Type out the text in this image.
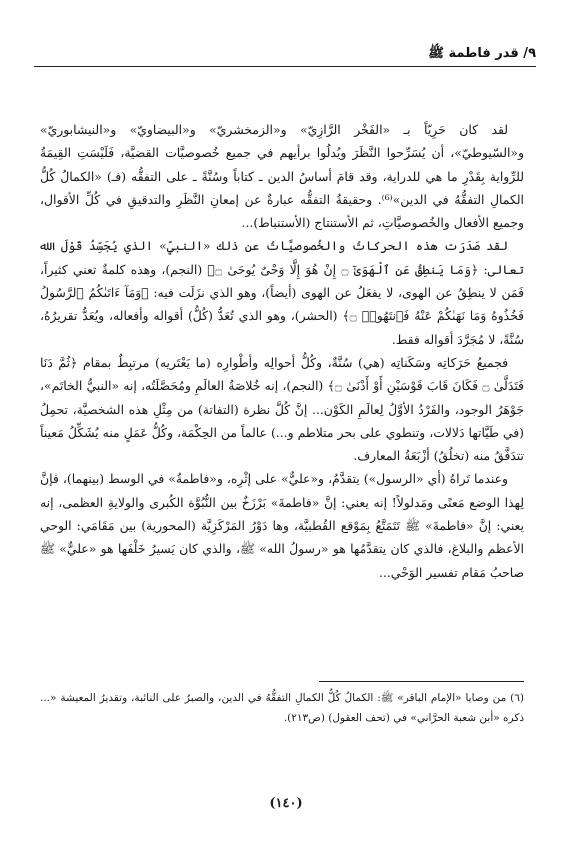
٩/ قدر فاطمة ﷺ

لقد كان حَرِيّاً بـ «الفَخْر الرَّازِيّ» و«الزمخشريّ» و«البيضاويّ» و«النيشابوريّ» و«السّيوطيّ»، أن يُسَرِّحوا النَّظَرَ ويُدلُوا برأيهم في جميع خُصوصيَّات القضيَّة، فَلَيْسَتِ القِيمَةُ للرِّواية بِقَدْرِ ما هي للدراية، وقد قامَ أساسُ الدين ـ كتاباً وسُنَّةً ـ على التفقُّه (فـ) «الكمالُ كُلُّ الكمالِ التفقُّهُ في الدين»⁽⁶⁾. وحقيقةُ التفقُّه عبارةٌ عن إمعانِ النَّظَرِ والتدقيقِ في كُلِّ الأقوال، وجميع الأفعال والخُصوصيَّاتِ، ثم الأستنتاج (الأستنباط)...

لقد صَدَرَت هذه الحركاتُ والخُصوصيَّاتُ عن ذلك «النبيِّ» الذي يُجَسِّدُ قَوْلَ الله تعالى: ﴿وَمَا يَنطِقُ عَنِ ٱلْهَوَىٰٓ ۝ إِنْ هُوَ إِلَّا وَحْىٌ يُوحَىٰ ۝﴾ (النجم)، وهذه كلمةٌ تعني كثيراً، فَمَن لا ينطِقُ عن الهوى، لا يفعَلُ عن الهوى (أيضاً)، وهو الذي نزَلَت فيه: ﴿وَمَآ ءَاتَىٰكُمُ ٱلرَّسُولُ فَخُذُوهُ وَمَا نَهَىٰكُمْ عَنْهُ فَٱنتَهُوا۟ ۝﴾ (الحشر)، وهو الذي تُعَدُّ (كُلُّ) أقواله وأفعاله، ويُعَدُّ تقريرُهُ، سُنَّةً، لا مُجَرَّدَ أقواله فقط.

فجميعُ حَرَكاتِه وسَكَناتِه (هي) سُنَّةٌ، وكُلُّ أحوالِه وأطْوارِه (ما يَعْتَريه) مرتبِطٌ بمقام ﴿ثُمَّ دَنَا فَتَدَلَّىٰ ۝ فَكَانَ قَابَ قَوْسَيْنِ أَوْ أَدْنَىٰ ۝﴾ (النجم)، إنه خُلاصَةُ العالَمِ ومُحَصَّلَتُه، إنه «النبيُّ الخاتَم»، جَوْهَرُ الوجود، والفَرْدُ الأوَّلُ لِعالَمِ الكَوْن... إنَّ كُلَّ نظرة (التفاتة) من مِثْلِ هذه الشخصيَّة، تحمِلُ (في طَيَّاتها دَلالات، وتنطوي على بحر متلاطم و...) عالماً من الحِكْمَة، وكُلُّ عَمَلٍ منه يُشَكِّلُ مَعيناً تتدَفَّقُ منه (تخلُقُ) أزْبَعَةُ المعارف.

وعندما تَراهُ (أي «الرسول») يتقدَّمُ، و«عليٌّ» على إثْرِه، و«فاطمةُ» في الوسط (بينهما)، فإنَّ لِهذا الوضع مَعنًى ومَدلولاً! إنه يعني: إنَّ «فاطمةَ» بَرْزَخٌ بين النُّبُوَّة الكُبرى والولايةِ العظمى، إنه يعني: إنَّ «فاطمةَ» ﷺ تَتَمَتَّعُ بِمَوْقع القُطبيَّة، وها دَوْرُ المَرْكَزِيَّة (المحورية) بين مَقَامَي: الوحي الأعظم والبلاغ، فالذي كان يتقدَّمُها هو «رسولُ الله» ﷺ، والذي كان يَسيرُ خَلْفَها هو «عليٌّ» ﷺ صاحبُ مَقام تفسير الوَحْي...

(٦) من وصايا «الإمام الباقر» ﷺ: الكمالُ كُلُّ الكمالِ التفقُّهُ في الدين، والصبرُ على النائبة، وتقديرُ المعيشة «... ذكره «أبن شعبة الحرَّاني» في (تحف العقول) (ص٢١٣).

(١٤٠)
